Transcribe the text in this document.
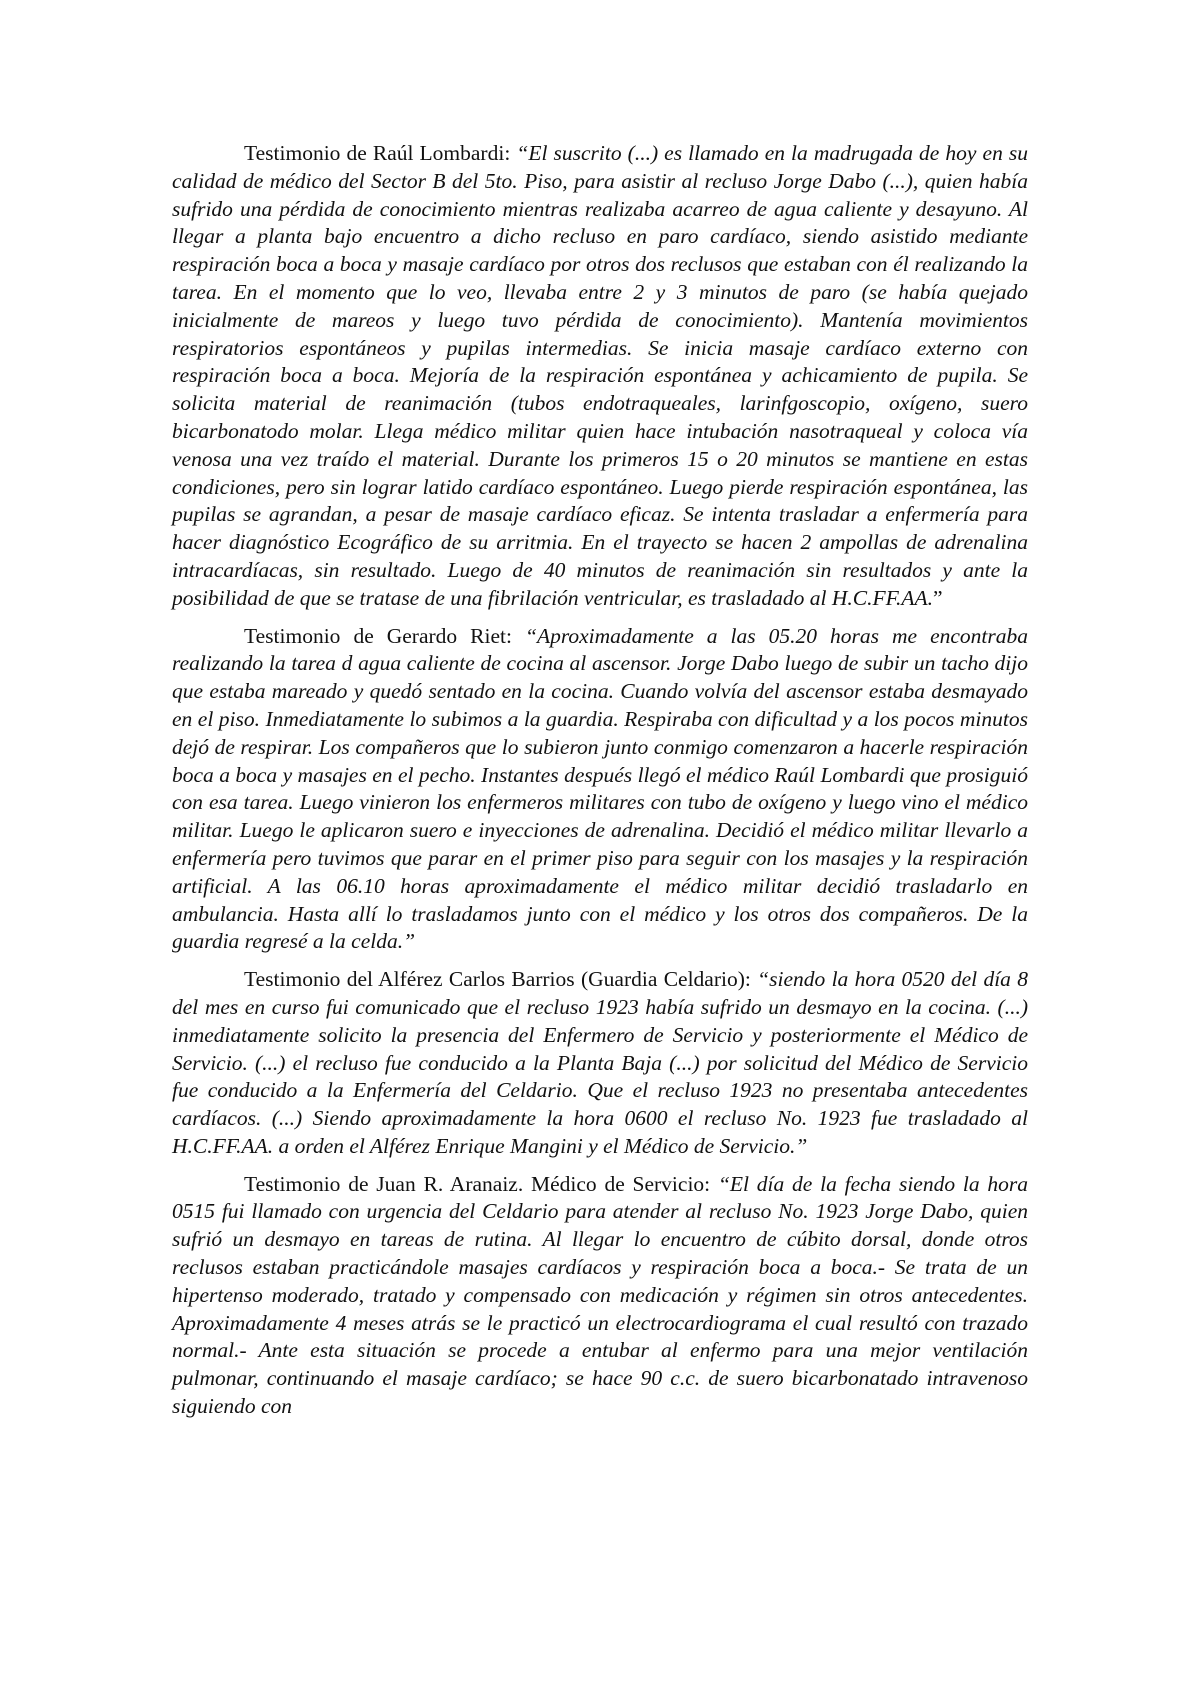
Testimonio de Raúl Lombardi: “El suscrito (...) es llamado en la madrugada de hoy en su calidad de médico del Sector B del 5to. Piso, para asistir al recluso Jorge Dabo (...), quien había sufrido una pérdida de conocimiento mientras realizaba acarreo de agua caliente y desayuno. Al llegar a planta bajo encuentro a dicho recluso en paro cardíaco, siendo asistido mediante respiración boca a boca y masaje cardíaco por otros dos reclusos que estaban con él realizando la tarea. En el momento que lo veo, llevaba entre 2 y 3 minutos de paro (se había quejado inicialmente de mareos y luego tuvo pérdida de conocimiento). Mantenía movimientos respiratorios espontáneos y pupilas intermedias. Se inicia masaje cardíaco externo con respiración boca a boca. Mejoría de la respiración espontánea y achicamiento de pupila. Se solicita material de reanimación (tubos endotraqueales, larinfgoscopio, oxígeno, suero bicarbonatodo molar. Llega médico militar quien hace intubación nasotraqueal y coloca vía venosa una vez traído el material. Durante los primeros 15 o 20 minutos se mantiene en estas condiciones, pero sin lograr latido cardíaco espontáneo. Luego pierde respiración espontánea, las pupilas se agrandan, a pesar de masaje cardíaco eficaz. Se intenta trasladar a enfermería para hacer diagnóstico Ecográfico de su arritmia. En el trayecto se hacen 2 ampollas de adrenalina intracardíacas, sin resultado. Luego de 40 minutos de reanimación sin resultados y ante la posibilidad de que se tratase de una fibrilación ventricular, es trasladado al H.C.FF.AA.”

Testimonio de Gerardo Riet: “Aproximadamente a las 05.20 horas me encontraba realizando la tarea d agua caliente de cocina al ascensor. Jorge Dabo luego de subir un tacho dijo que estaba mareado y quedó sentado en la cocina. Cuando volvía del ascensor estaba desmayado en el piso. Inmediatamente lo subimos a la guardia. Respiraba con dificultad y a los pocos minutos dejó de respirar. Los compañeros que lo subieron junto conmigo comenzaron a hacerle respiración boca a boca y masajes en el pecho. Instantes después llegó el médico Raúl Lombardi que prosiguió con esa tarea. Luego vinieron los enfermeros militares con tubo de oxígeno y luego vino el médico militar. Luego le aplicaron suero e inyecciones de adrenalina. Decidió el médico militar llevarlo a enfermería pero tuvimos que parar en el primer piso para seguir con los masajes y la respiración artificial. A las 06.10 horas aproximadamente el médico militar decidió trasladarlo en ambulancia. Hasta allí lo trasladamos junto con el médico y los otros dos compañeros. De la guardia regresé a la celda.”

Testimonio del Alférez Carlos Barrios (Guardia Celdario): “siendo la hora 0520 del día 8 del mes en curso fui comunicado que el recluso 1923 había sufrido un desmayo en la cocina. (...) inmediatamente solicito la presencia del Enfermero de Servicio y posteriormente el Médico de Servicio. (...) el recluso fue conducido a la Planta Baja (...) por solicitud del Médico de Servicio fue conducido a la Enfermería del Celdario. Que el recluso 1923 no presentaba antecedentes cardíacos. (...) Siendo aproximadamente la hora 0600 el recluso No. 1923 fue trasladado al H.C.FF.AA. a orden el Alférez Enrique Mangini y el Médico de Servicio.”

Testimonio de Juan R. Aranaiz. Médico de Servicio: “El día de la fecha siendo la hora 0515 fui llamado con urgencia del Celdario para atender al recluso No. 1923 Jorge Dabo, quien sufrió un desmayo en tareas de rutina. Al llegar lo encuentro de cúbito dorsal, donde otros reclusos estaban practicándole masajes cardíacos y respiración boca a boca.- Se trata de un hipertenso moderado, tratado y compensado con medicación y régimen sin otros antecedentes. Aproximadamente 4 meses atrás se le practicó un electrocardiograma el cual resultó con trazado normal.- Ante esta situación se procede a entubar al enfermo para una mejor ventilación pulmonar, continuando el masaje cardíaco; se hace 90 c.c. de suero bicarbonatado intravenoso siguiendo con
